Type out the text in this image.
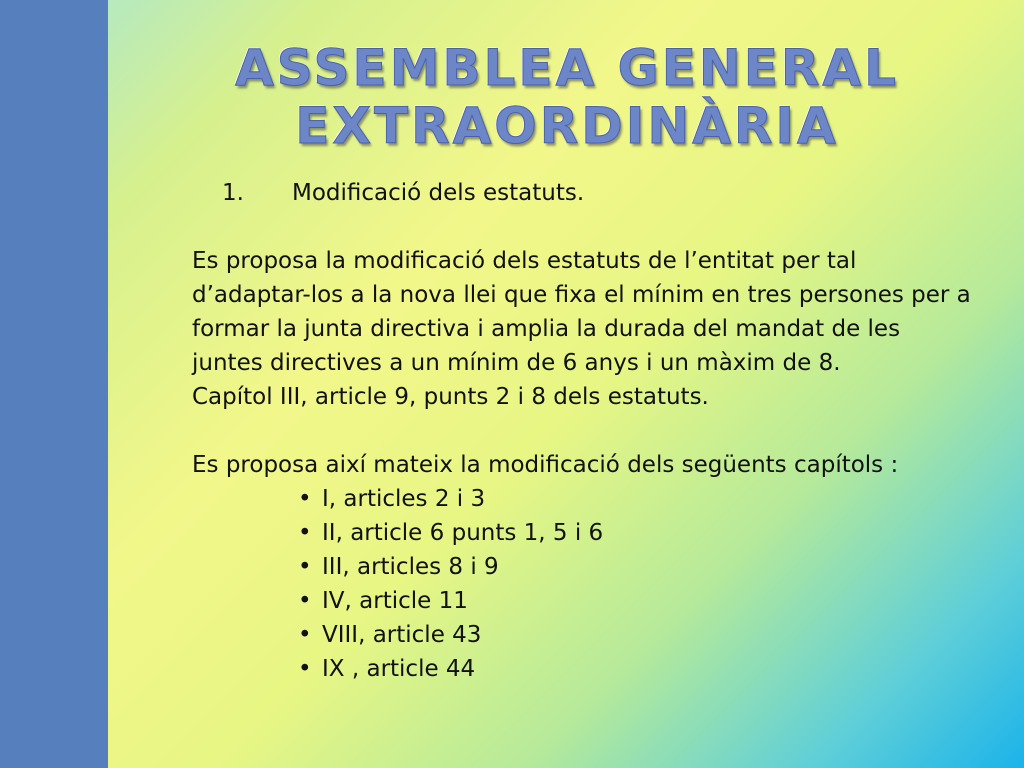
ASSEMBLEA GENERAL
EXTRAORDINÀRIA
1. Modificació dels estatuts.

Es proposa la modificació dels estatuts de l’entitat per tal d’adaptar-los a la nova llei que fixa el mínim en tres persones per a formar la junta directiva i amplia la durada del mandat de les juntes directives a un mínim de 6 anys i un màxim de 8.

Capítol III, article 9, punts 2 i 8 dels estatuts.

Es proposa així mateix la modificació dels següents capítols :

• I, articles 2 i 3
• II, article 6 punts 1, 5 i 6
• III, articles 8 i 9
• IV, article 11
• VIII, article 43
• IX , article 44
